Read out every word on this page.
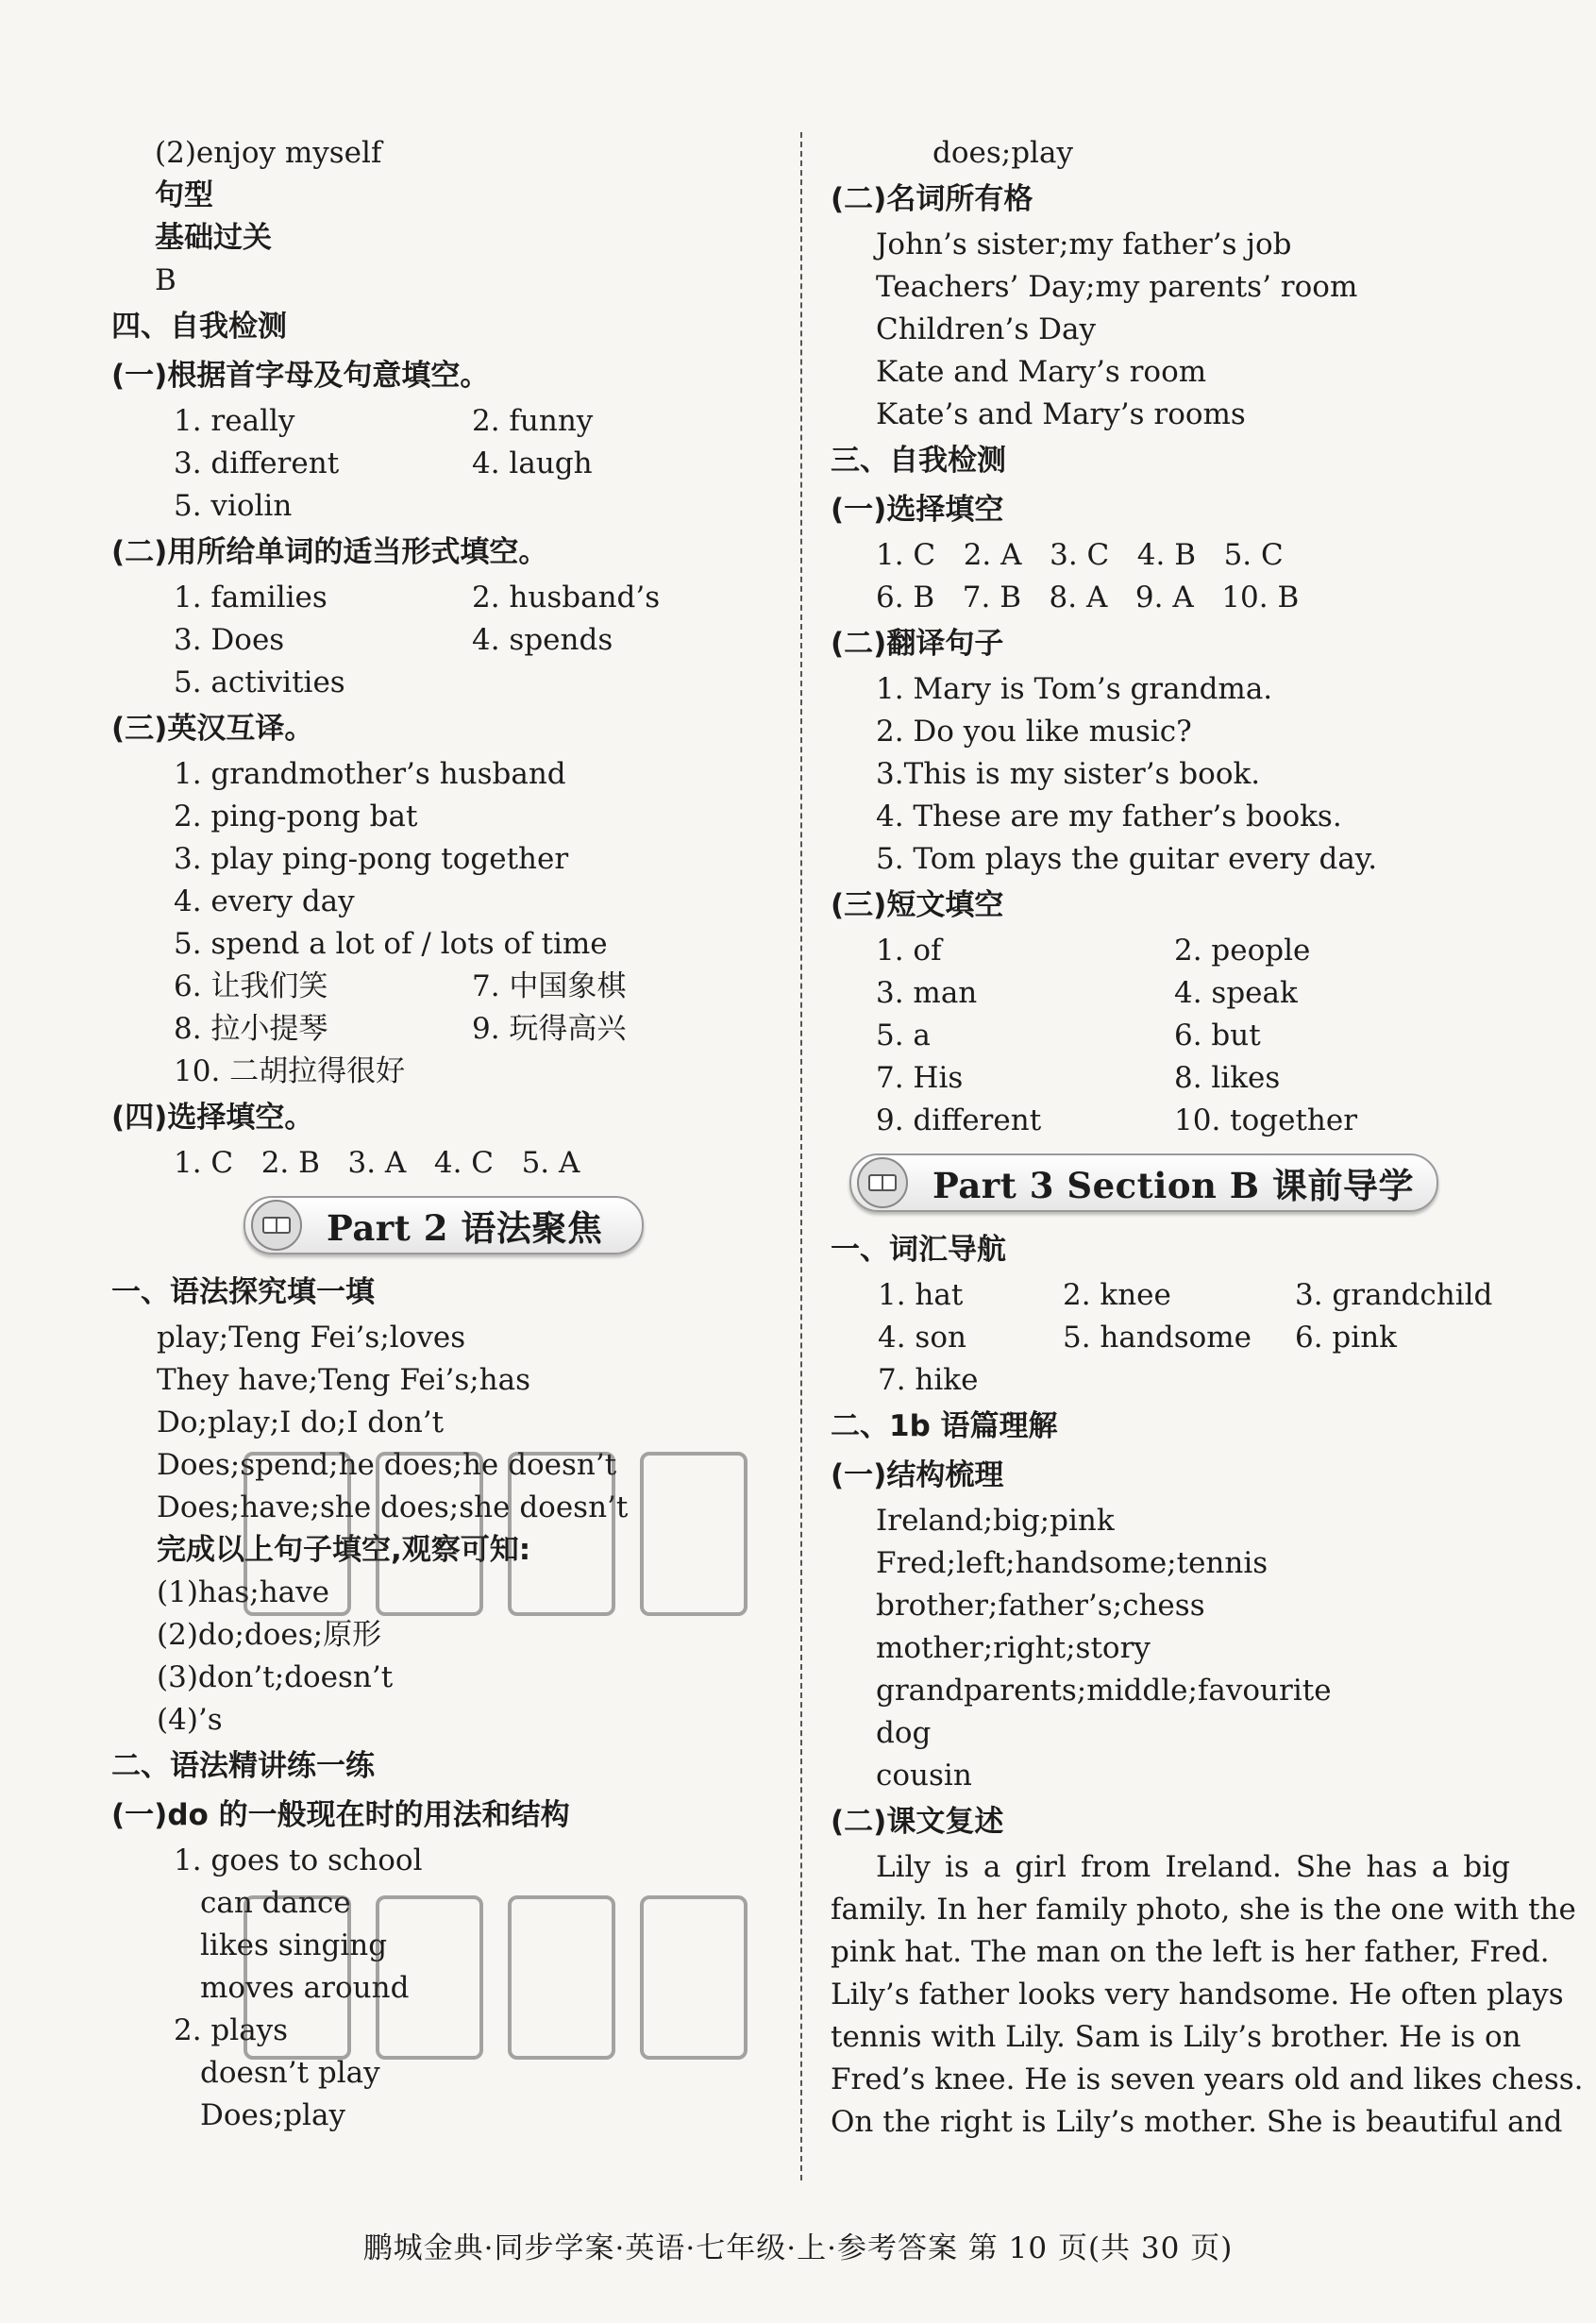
(2)enjoy myself
句型
基础过关
B
四、自我检测
(一)根据首字母及句意填空。
1. really	2. funny
3. different	4. laugh
5. violin
(二)用所给单词的适当形式填空。
1. families	2. husband’s
3. Does	4. spends
5. activities
(三)英汉互译。
1. grandmother’s husband
2. ping-pong bat
3. play ping-pong together
4. every day
5. spend a lot of / lots of time
6. 让我们笑	7. 中国象棋
8. 拉小提琴	9. 玩得高兴
10. 二胡拉得很好
(四)选择填空。
1. C   2. B   3. A   4. C   5. A
Part 2 语法聚焦
一、语法探究填一填
play;Teng Fei’s;loves
They have;Teng Fei’s;has
Do;play;I do;I don’t
Does;spend;he does;he doesn’t
Does;have;she does;she doesn’t
完成以上句子填空,观察可知:
(1)has;have
(2)do;does;原形
(3)don’t;doesn’t
(4)’s
二、语法精讲练一练
(一)do 的一般现在时的用法和结构
1. goes to school
can dance
likes singing
moves around
2. plays
doesn’t play
Does;play
does;play
(二)名词所有格
John’s sister;my father’s job
Teachers’ Day;my parents’ room
Children’s Day
Kate and Mary’s room
Kate’s and Mary’s rooms
三、自我检测
(一)选择填空
1. C   2. A   3. C   4. B   5. C
6. B   7. B   8. A   9. A   10. B
(二)翻译句子
1. Mary is Tom’s grandma.
2. Do you like music?
3.This is my sister’s book.
4. These are my father’s books.
5. Tom plays the guitar every day.
(三)短文填空
1. of	2. people
3. man	4. speak
5. a	6. but
7. His	8. likes
9. different	10. together
Part 3 Section B 课前导学
一、词汇导航
1. hat	2. knee	3. grandchild
4. son	5. handsome	6. pink
7. hike
二、1b 语篇理解
(一)结构梳理
Ireland;big;pink
Fred;left;handsome;tennis
brother;father’s;chess
mother;right;story
grandparents;middle;favourite
dog
cousin
(二)课文复述
Lily is a girl from Ireland. She has a big
family. In her family photo, she is the one with the
pink hat. The man on the left is her father, Fred.
Lily’s father looks very handsome. He often plays
tennis with Lily. Sam is Lily’s brother. He is on
Fred’s knee. He is seven years old and likes chess.
On the right is Lily’s mother. She is beautiful and
鹏城金典·同步学案·英语·七年级·上·参考答案 第 10 页(共 30 页)
